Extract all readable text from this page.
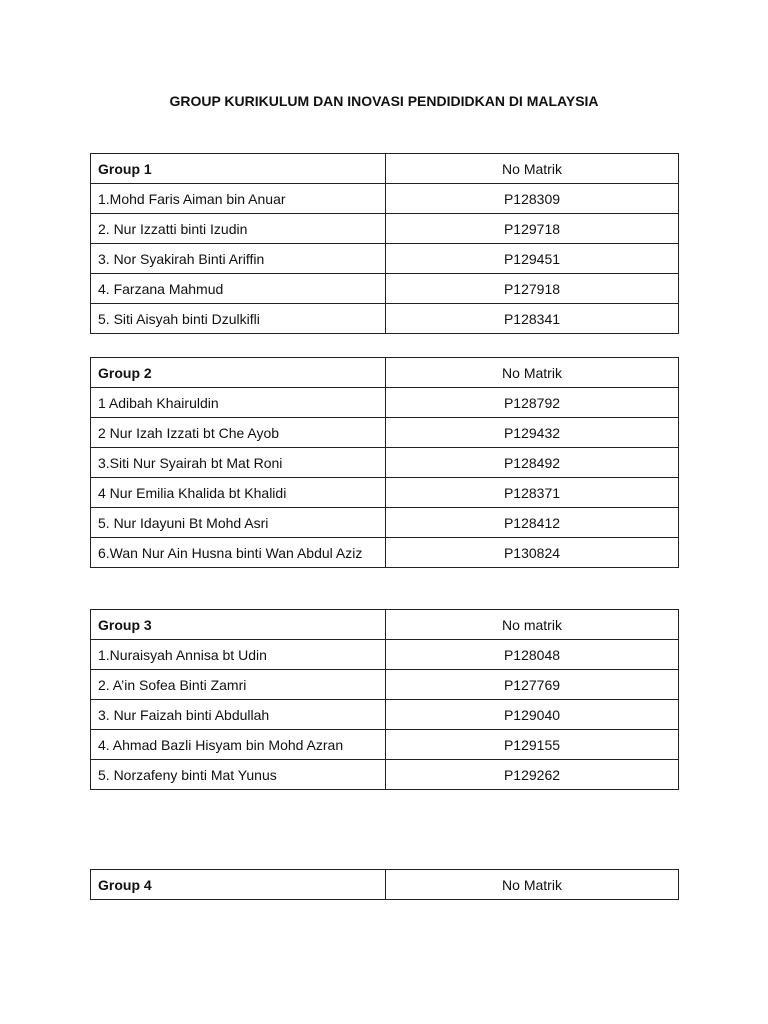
GROUP KURIKULUM DAN INOVASI PENDIDIDKAN DI MALAYSIA
Group 1	No Matrik
1.Mohd Faris Aiman bin Anuar	P128309
2. Nur Izzatti binti Izudin	P129718
3. Nor Syakirah Binti Ariffin	P129451
4. Farzana Mahmud	P127918
5. Siti Aisyah binti Dzulkifli	P128341
Group 2	No Matrik
1 Adibah Khairuldin	P128792
2 Nur Izah Izzati bt Che Ayob	P129432
3.Siti Nur Syairah bt Mat Roni	P128492
4 Nur Emilia Khalida bt Khalidi	P128371
5. Nur Idayuni Bt Mohd Asri	P128412
6.Wan Nur Ain Husna binti Wan Abdul Aziz	P130824
Group 3	No matrik
1.Nuraisyah Annisa bt Udin	P128048
2. A’in Sofea Binti Zamri	P127769
3. Nur Faizah binti Abdullah	P129040
4. Ahmad Bazli Hisyam bin Mohd Azran	P129155
5. Norzafeny binti Mat Yunus	P129262
Group 4	No Matrik
